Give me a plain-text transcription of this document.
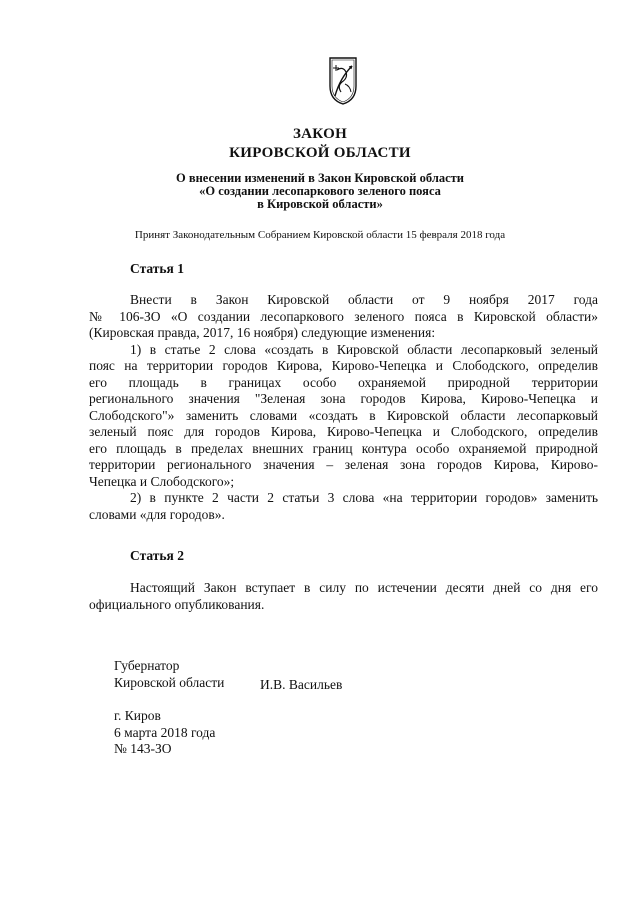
ЗАКОН
КИРОВСКОЙ ОБЛАСТИ
О внесении изменений в Закон Кировской области
«О создании лесопаркового зеленого пояса
в Кировской области»
Принят Законодательным Собранием Кировской области 15 февраля 2018 года
Статья 1
Внести в Закон Кировской области от 9 ноября 2017 года
№ 106-ЗО «О создании лесопаркового зеленого пояса в Кировской области»
(Кировская правда, 2017, 16 ноября) следующие изменения:
1) в статье 2 слова «создать в Кировской области лесопарковый зеленый
пояс на территории городов Кирова, Кирово-Чепецка и Слободского, определив
его площадь в границах особо охраняемой природной территории
регионального значения "Зеленая зона городов Кирова, Кирово-Чепецка и
Слободского"» заменить словами «создать в Кировской области лесопарковый
зеленый пояс для городов Кирова, Кирово-Чепецка и Слободского, определив
его площадь в пределах внешних границ контура особо охраняемой природной
территории регионального значения – зеленая зона городов Кирова, Кирово-
Чепецка и Слободского»;
2) в пункте 2 части 2 статьи 3 слова «на территории городов» заменить
словами «для городов».
Статья 2
Настоящий Закон вступает в силу по истечении десяти дней со дня его
официального опубликования.
Губернатор
Кировской области	И.В. Васильев
г. Киров
6 марта 2018 года
№ 143-ЗО
